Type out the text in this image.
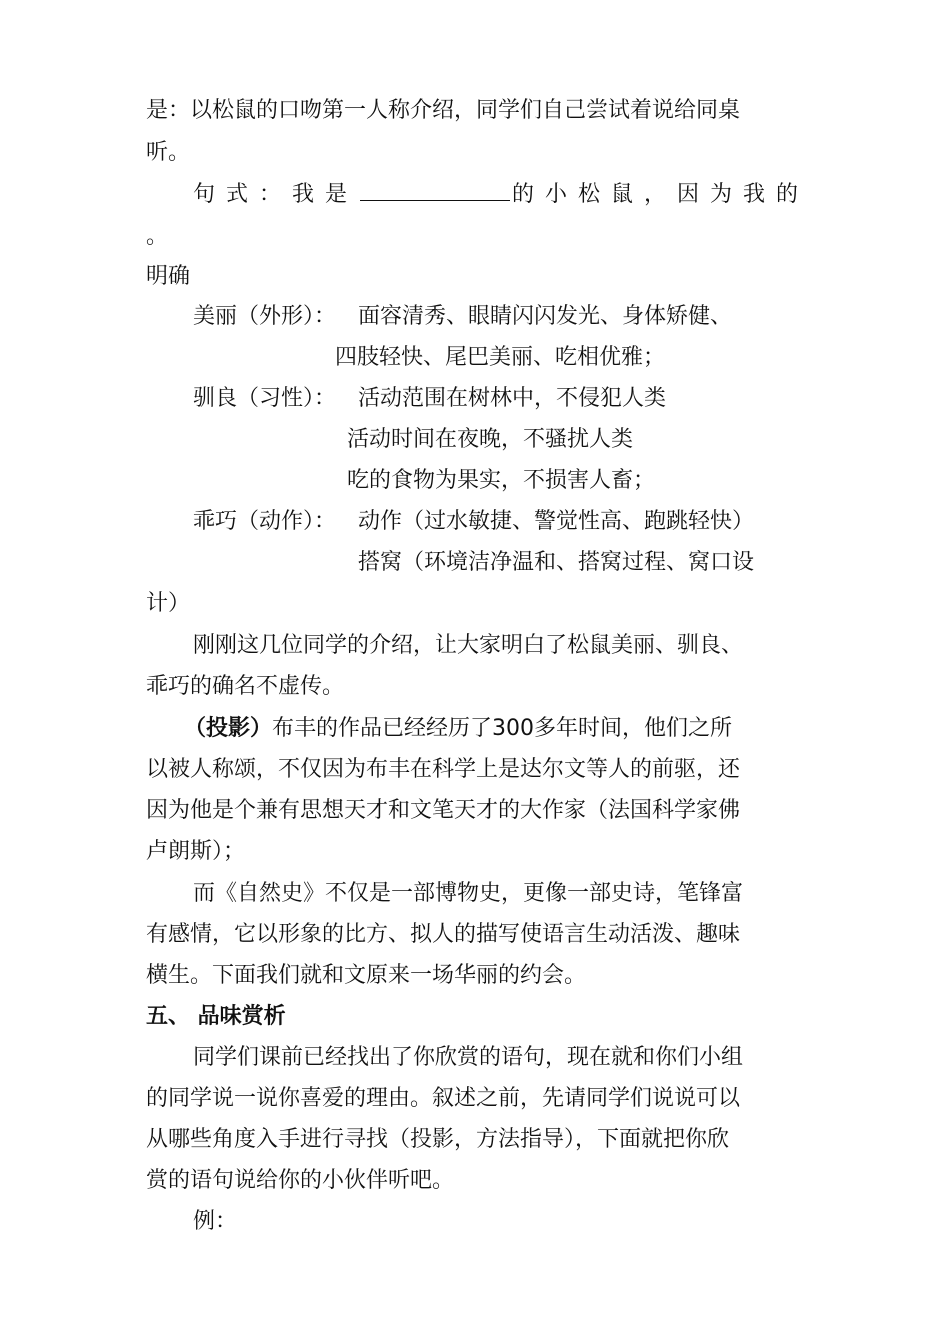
是：以松鼠的口吻第一人称介绍，同学们自己尝试着说给同桌
听。
句式：我是	的小松鼠，因为我的
。
明确
美丽（外形）： 面容清秀、眼睛闪闪发光、身体矫健、
四肢轻快、尾巴美丽、吃相优雅；
驯良（习性）： 活动范围在树林中，不侵犯人类
活动时间在夜晚，不骚扰人类
吃的食物为果实，不损害人畜；
乖巧（动作）： 动作（过水敏捷、警觉性高、跑跳轻快）
搭窝（环境洁净温和、搭窝过程、窝口设
计）
刚刚这几位同学的介绍，让大家明白了松鼠美丽、驯良、
乖巧的确名不虚传。
（投影）布丰的作品已经经历了300多年时间，他们之所
以被人称颂，不仅因为布丰在科学上是达尔文等人的前驱，还
因为他是个兼有思想天才和文笔天才的大作家（法国科学家佛
卢朗斯）；
而《自然史》不仅是一部博物史，更像一部史诗，笔锋富
有感情，它以形象的比方、拟人的描写使语言生动活泼、趣味
横生。下面我们就和文原来一场华丽的约会。
五、 品味赏析
同学们课前已经找出了你欣赏的语句，现在就和你们小组
的同学说一说你喜爱的理由。叙述之前，先请同学们说说可以
从哪些角度入手进行寻找（投影，方法指导），下面就把你欣
赏的语句说给你的小伙伴听吧。
例：
